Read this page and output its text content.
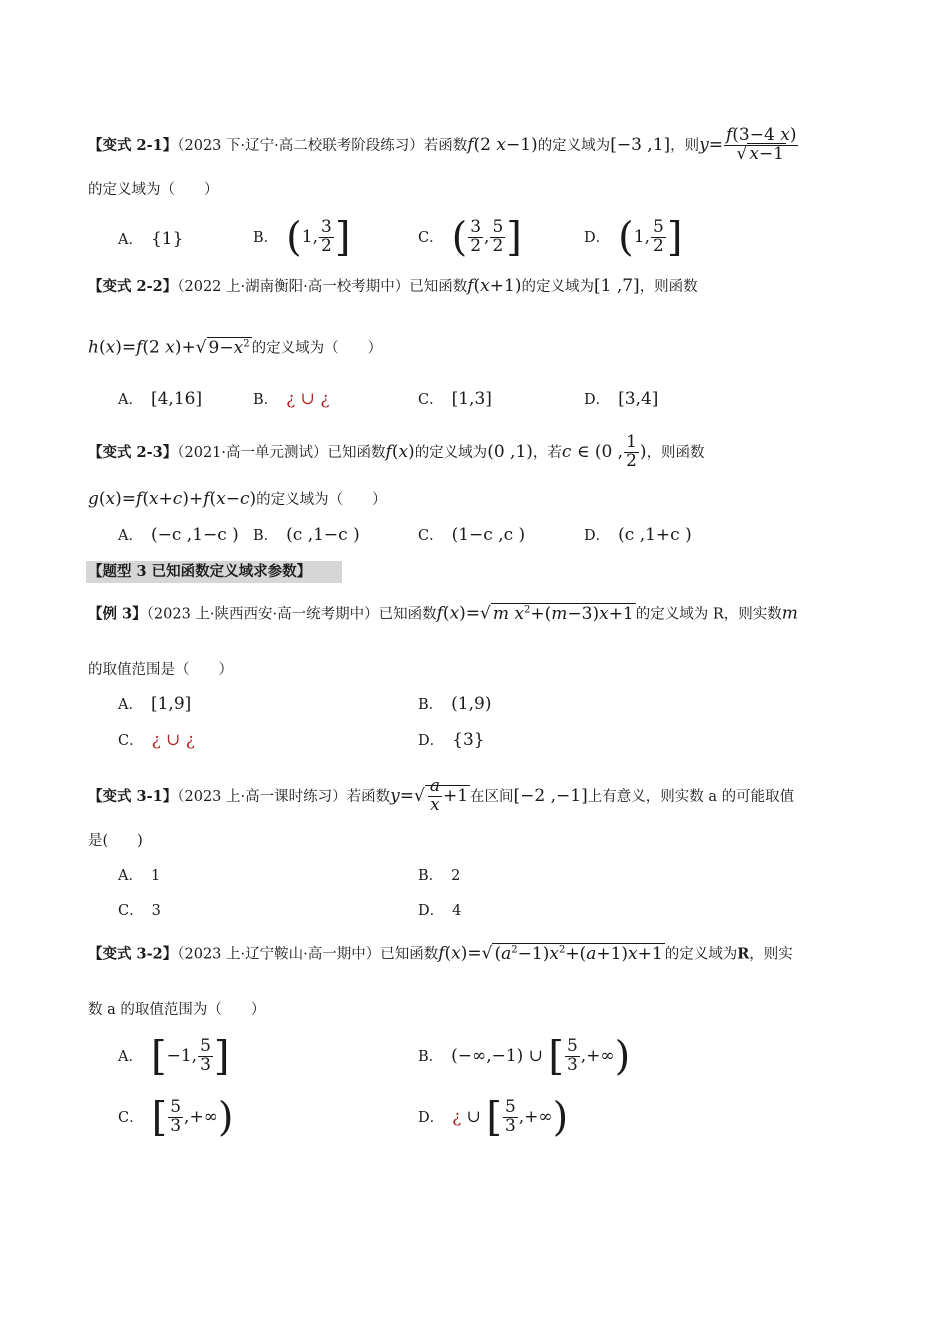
【变式 2-1】（2023 下·辽宁·高二校联考阶段练习）若函数f(2 x−1)的定义域为[−3 ,1]，则$y= \frac{f(3-4 x)}{√ x-1}$
的定义域为（　　）
A． {1}	B． (1, $\frac{3}{2}$ ]	C． ( $\frac{3}{2}$ , $\frac{5}{2}$ ]	D． (1, $\frac{5}{2}$ ]
【变式 2-2】（2022 上·湖南衡阳·高一校考期中）已知函数f(x+1)的定义域为[1 ,7]，则函数
h(x)=f(2 x)+√ $9-x^2$ 的定义域为（　　）
A． [4,16]	B． ¿ ∪ ¿	C． [1,3]	D． [3,4]
【变式 2-3】（2021·高一单元测试）已知函数f(x)的定义域为(0 ,1)，若c ∈ (0 , $\frac{1}{2}$ )，则函数
g(x)=f(x+c)+f(x−c)的定义域为（　　）
A． (−c ,1−c ) B． (c ,1−c )	C． (1−c ,c )	D． (c ,1+c )
【题型 3 已知函数定义域求参数】
【例 3】（2023 上·陕西西安·高一统考期中）已知函数f(x)=√ m $x^2+(m-3)x+1$ 的定义域为 R，则实数m
的取值范围是（　　）
A． [1,9]	B． (1,9)
C． ¿ ∪ ¿	D． {3}
【变式 3-1】（2023 上·高一课时练习）若函数$y=√ \frac{a}{x} +1$ 在区间[−2 ,−1]上有意义，则实数 a 的可能取值
是(　　)
A． 1	B． 2
C． 3	D． 4
【变式 3-2】（2023 上·辽宁鞍山·高一期中）已知函数f(x)=√ $(a^2-1)x^2+(a+1)x+1$ 的定义域为R，则实
数 a 的取值范围为（　　）
A． [−1, $\frac{5}{3}$ ]	B． (−∞,−1) ∪ [ $\frac{5}{3}$ ,+∞)
C． [ $\frac{5}{3}$ ,+∞)	D． ¿ ∪ [ $\frac{5}{3}$ ,+∞)
